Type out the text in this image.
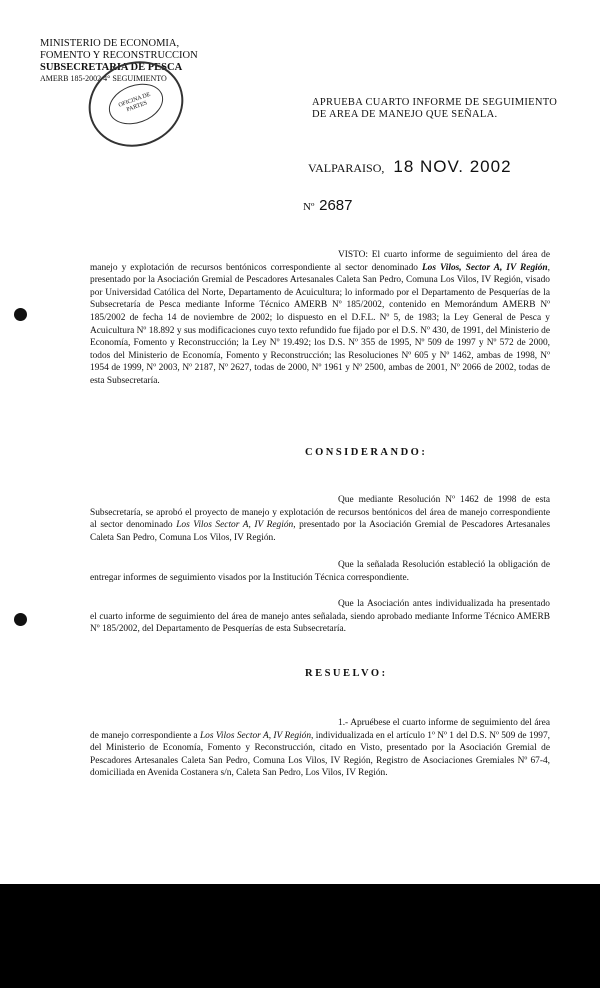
MINISTERIO DE ECONOMIA,
FOMENTO Y RECONSTRUCCION
SUBSECRETARIA DE PESCA
AMERB 185-2002 4° SEGUIMIENTO
OFICINA DE PARTES	APRUEBA CUARTO INFORME DE SEGUIMIENTO
DE AREA DE MANEJO QUE SEÑALA.
VALPARAISO, 18 NOV. 2002
Nº 2687
VISTO: El cuarto informe de seguimiento del área de manejo y explotación de recursos bentónicos correspondiente al sector denominado Los Vilos, Sector A, IV Región, presentado por la Asociación Gremial de Pescadores Artesanales Caleta San Pedro, Comuna Los Vilos, IV Región, visado por Universidad Católica del Norte, Departamento de Acuicultura; lo informado por el Departamento de Pesquerías de la Subsecretaría de Pesca mediante Informe Técnico AMERB Nº 185/2002, contenido en Memorándum AMERB Nº 185/2002 de fecha 14 de noviembre de 2002; lo dispuesto en el D.F.L. Nº 5, de 1983; la Ley General de Pesca y Acuicultura Nº 18.892 y sus modificaciones cuyo texto refundido fue fijado por el D.S. Nº 430, de 1991, del Ministerio de Economía, Fomento y Reconstrucción; la Ley Nº 19.492; los D.S. Nº 355 de 1995, Nº 509 de 1997 y Nº 572 de 2000, todos del Ministerio de Economía, Fomento y Reconstrucción; las Resoluciones Nº 605 y Nº 1462, ambas de 1998, Nº 1954 de 1999, Nº 2003, Nº 2187, Nº 2627, todas de 2000, Nº 1961 y Nº 2500, ambas de 2001, Nº 2066 de 2002, todas de esta Subsecretaría.
CONSIDERANDO:
Que mediante Resolución Nº 1462 de 1998 de esta Subsecretaría, se aprobó el proyecto de manejo y explotación de recursos bentónicos del área de manejo correspondiente al sector denominado Los Vilos Sector A, IV Región, presentado por la Asociación Gremial de Pescadores Artesanales Caleta San Pedro, Comuna Los Vilos, IV Región.
Que la señalada Resolución estableció la obligación de entregar informes de seguimiento visados por la Institución Técnica correspondiente.
Que la Asociación antes individualizada ha presentado el cuarto informe de seguimiento del área de manejo antes señalada, siendo aprobado mediante Informe Técnico AMERB Nº 185/2002, del Departamento de Pesquerías de esta Subsecretaría.
RESUELVO:
1.- Apruébese el cuarto informe de seguimiento del área de manejo correspondiente a Los Vilos Sector A, IV Región, individualizada en el artículo 1º Nº 1 del D.S. Nº 509 de 1997, del Ministerio de Economía, Fomento y Reconstrucción, citado en Visto, presentado por la Asociación Gremial de Pescadores Artesanales Caleta San Pedro, Comuna Los Vilos, IV Región, Registro de Asociaciones Gremiales Nº 67-4, domiciliada en Avenida Costanera s/n, Caleta San Pedro, Los Vilos, IV Región.
